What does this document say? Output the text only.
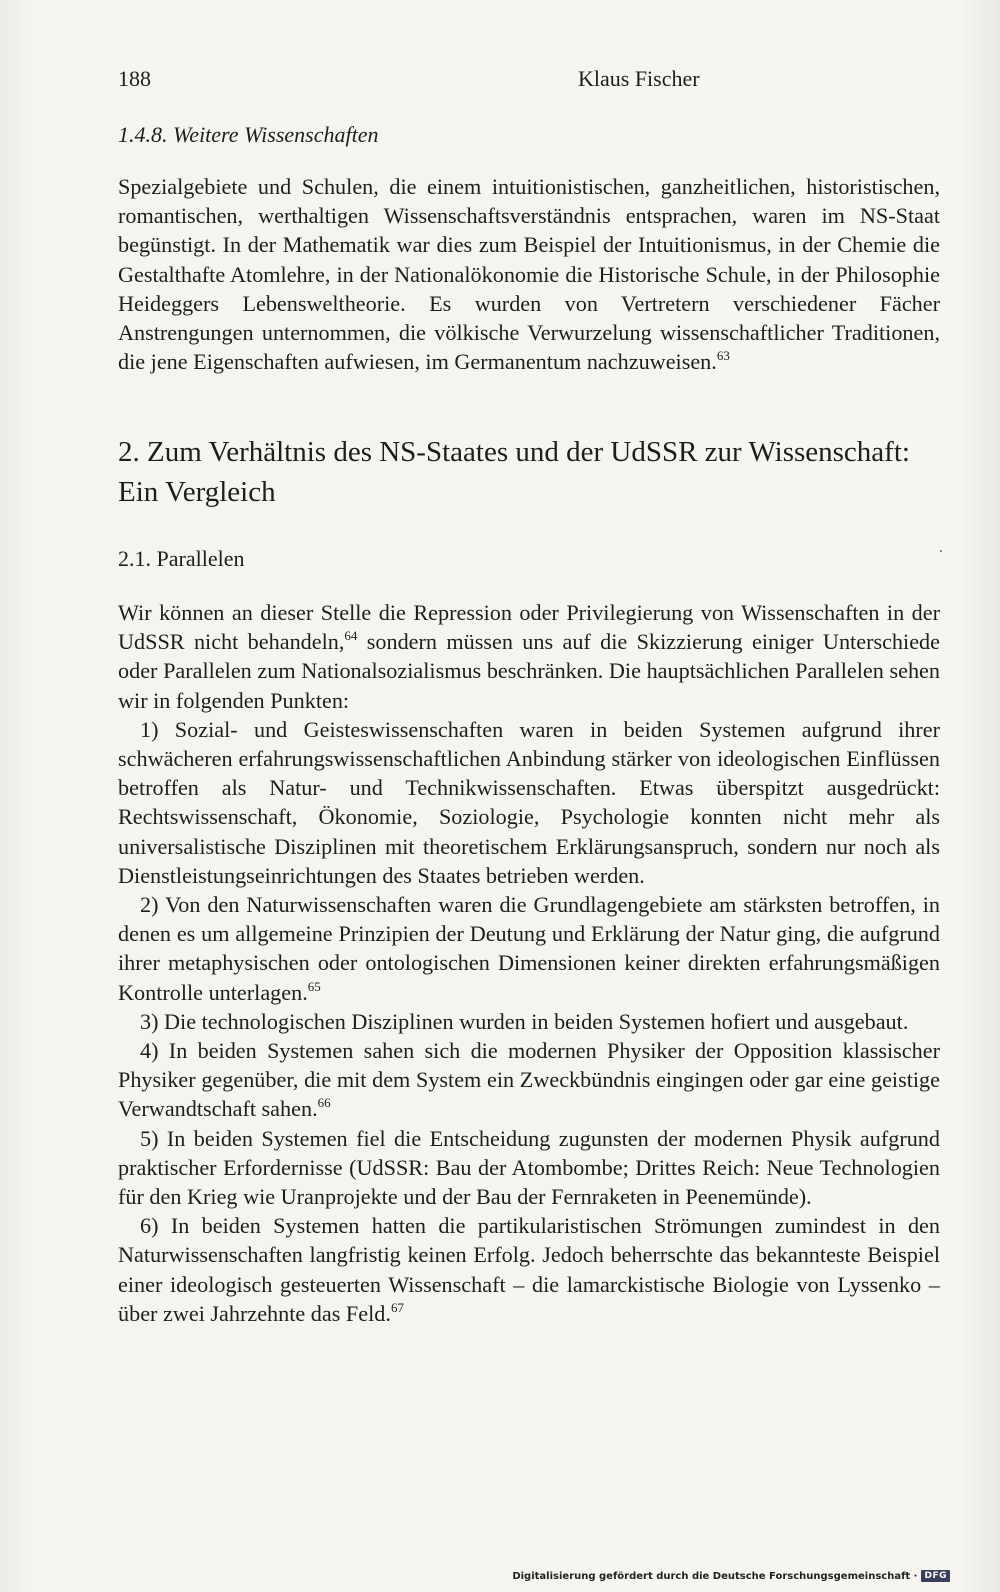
188	Klaus Fischer
1.4.8. Weitere Wissenschaften

Spezialgebiete und Schulen, die einem intuitionistischen, ganzheitlichen, historistischen, romantischen, werthaltigen Wissenschaftsverständnis entsprachen, waren im NS-Staat begünstigt. In der Mathematik war dies zum Beispiel der Intuitionismus, in der Chemie die Gestalthafte Atomlehre, in der Nationalökonomie die Historische Schule, in der Philosophie Heideggers Lebensweltheorie. Es wurden von Vertretern verschiedener Fächer Anstrengungen unternommen, die völkische Verwurzelung wissenschaftlicher Traditionen, die jene Eigenschaften aufwiesen, im Germanentum nachzuweisen.$^{63}$

2. Zum Verhältnis des NS-Staates und der UdSSR zur Wissenschaft: Ein Vergleich
2.1. Parallelen

Wir können an dieser Stelle die Repression oder Privilegierung von Wissenschaften in der UdSSR nicht behandeln,$^{64}$ sondern müssen uns auf die Skizzierung einiger Unterschiede oder Parallelen zum Nationalsozialismus beschränken. Die hauptsächlichen Parallelen sehen wir in folgenden Punkten:

1) Sozial- und Geisteswissenschaften waren in beiden Systemen aufgrund ihrer schwächeren erfahrungswissenschaftlichen Anbindung stärker von ideologischen Einflüssen betroffen als Natur- und Technikwissenschaften. Etwas überspitzt ausgedrückt: Rechtswissenschaft, Ökonomie, Soziologie, Psychologie konnten nicht mehr als universalistische Disziplinen mit theoretischem Erklärungsanspruch, sondern nur noch als Dienstleistungseinrichtungen des Staates betrieben werden.

2) Von den Naturwissenschaften waren die Grundlagengebiete am stärksten betroffen, in denen es um allgemeine Prinzipien der Deutung und Erklärung der Natur ging, die aufgrund ihrer metaphysischen oder ontologischen Dimensionen keiner direkten erfahrungsmäßigen Kontrolle unterlagen.$^{65}$

3) Die technologischen Disziplinen wurden in beiden Systemen hofiert und ausgebaut.

4) In beiden Systemen sahen sich die modernen Physiker der Opposition klassischer Physiker gegenüber, die mit dem System ein Zweckbündnis eingingen oder gar eine geistige Verwandtschaft sahen.$^{66}$

5) In beiden Systemen fiel die Entscheidung zugunsten der modernen Physik aufgrund praktischer Erfordernisse (UdSSR: Bau der Atombombe; Drittes Reich: Neue Technologien für den Krieg wie Uranprojekte und der Bau der Fernraketen in Peenemünde).

6) In beiden Systemen hatten die partikularistischen Strömungen zumindest in den Naturwissenschaften langfristig keinen Erfolg. Jedoch beherrschte das bekannteste Beispiel einer ideologisch gesteuerten Wissenschaft – die lamarckistische Biologie von Lyssenko – über zwei Jahrzehnte das Feld.$^{67}$

Digitalisierung gefördert durch die Deutsche Forschungsgemeinschaft · DFG
